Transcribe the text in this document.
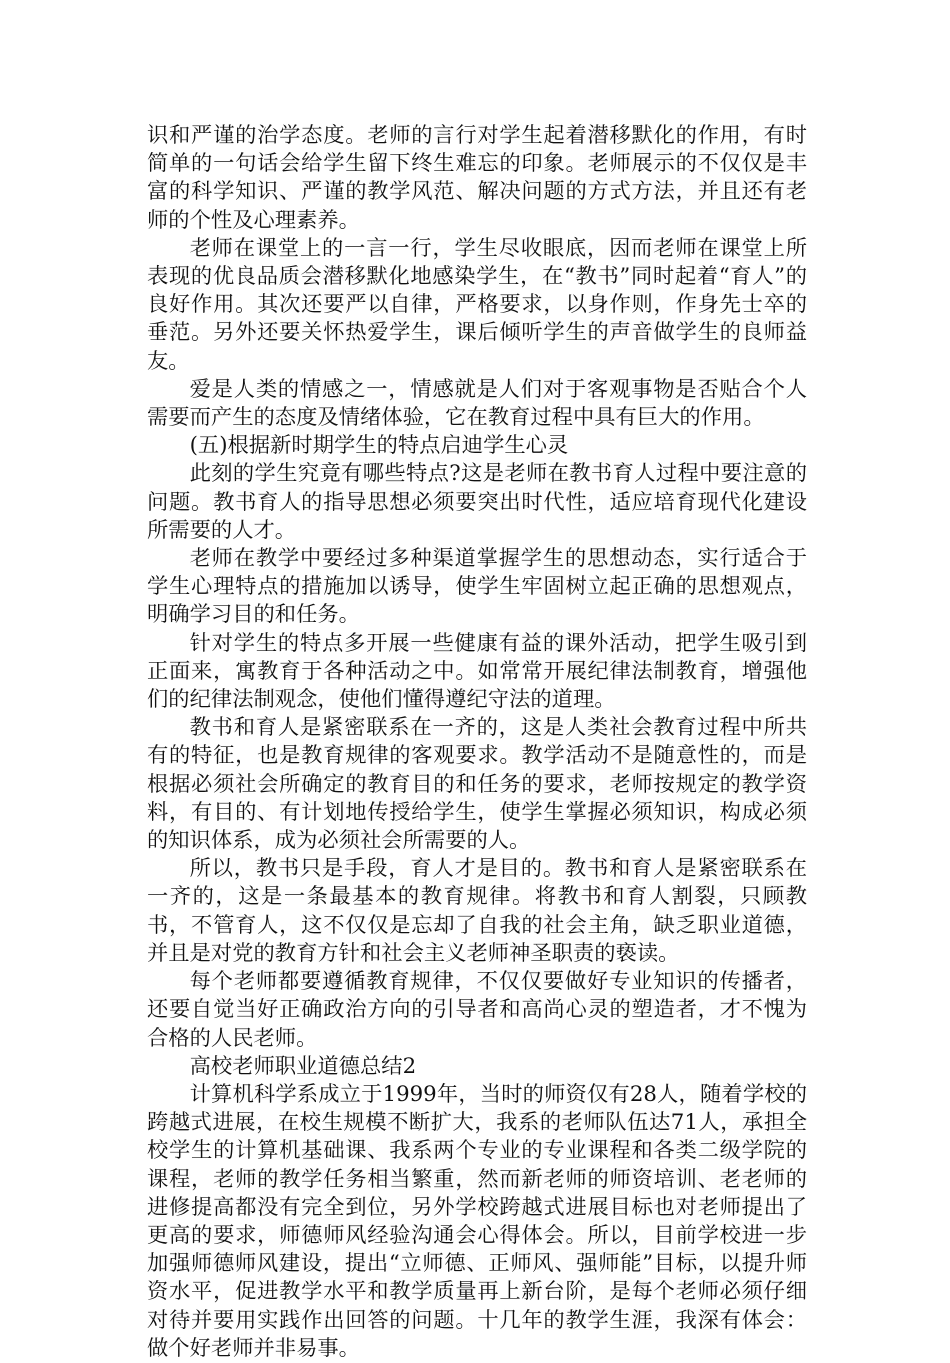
识和严谨的治学态度。老师的言行对学生起着潜移默化的作用，有时简单的一句话会给学生留下终生难忘的印象。老师展示的不仅仅是丰富的科学知识、严谨的教学风范、解决问题的方式方法，并且还有老师的个性及心理素养。

老师在课堂上的一言一行，学生尽收眼底，因而老师在课堂上所表现的优良品质会潜移默化地感染学生，在“教书”同时起着“育人”的良好作用。其次还要严以自律，严格要求，以身作则，作身先士卒的垂范。另外还要关怀热爱学生，课后倾听学生的声音做学生的良师益友。

爱是人类的情感之一，情感就是人们对于客观事物是否贴合个人需要而产生的态度及情绪体验，它在教育过程中具有巨大的作用。

(五)根据新时期学生的特点启迪学生心灵

此刻的学生究竟有哪些特点?这是老师在教书育人过程中要注意的问题。教书育人的指导思想必须要突出时代性，适应培育现代化建设所需要的人才。

老师在教学中要经过多种渠道掌握学生的思想动态，实行适合于学生心理特点的措施加以诱导，使学生牢固树立起正确的思想观点，明确学习目的和任务。

针对学生的特点多开展一些健康有益的课外活动，把学生吸引到正面来，寓教育于各种活动之中。如常常开展纪律法制教育，增强他们的纪律法制观念，使他们懂得遵纪守法的道理。

教书和育人是紧密联系在一齐的，这是人类社会教育过程中所共有的特征，也是教育规律的客观要求。教学活动不是随意性的，而是根据必须社会所确定的教育目的和任务的要求，老师按规定的教学资料，有目的、有计划地传授给学生，使学生掌握必须知识，构成必须的知识体系，成为必须社会所需要的人。

所以，教书只是手段，育人才是目的。教书和育人是紧密联系在一齐的，这是一条最基本的教育规律。将教书和育人割裂，只顾教书，不管育人，这不仅仅是忘却了自我的社会主角，缺乏职业道德，并且是对党的教育方针和社会主义老师神圣职责的亵读。

每个老师都要遵循教育规律，不仅仅要做好专业知识的传播者，还要自觉当好正确政治方向的引导者和高尚心灵的塑造者，才不愧为合格的人民老师。

高校老师职业道德总结2

计算机科学系成立于1999年，当时的师资仅有28人，随着学校的跨越式进展，在校生规模不断扩大，我系的老师队伍达71人，承担全校学生的计算机基础课、我系两个专业的专业课程和各类二级学院的课程，老师的教学任务相当繁重，然而新老师的师资培训、老老师的进修提高都没有完全到位，另外学校跨越式进展目标也对老师提出了更高的要求，师德师风经验沟通会心得体会。所以，目前学校进一步加强师德师风建设，提出“立师德、正师风、强师能”目标，以提升师资水平，促进教学水平和教学质量再上新台阶，是每个老师必须仔细对待并要用实践作出回答的问题。十几年的教学生涯，我深有体会：做个好老师并非易事。
